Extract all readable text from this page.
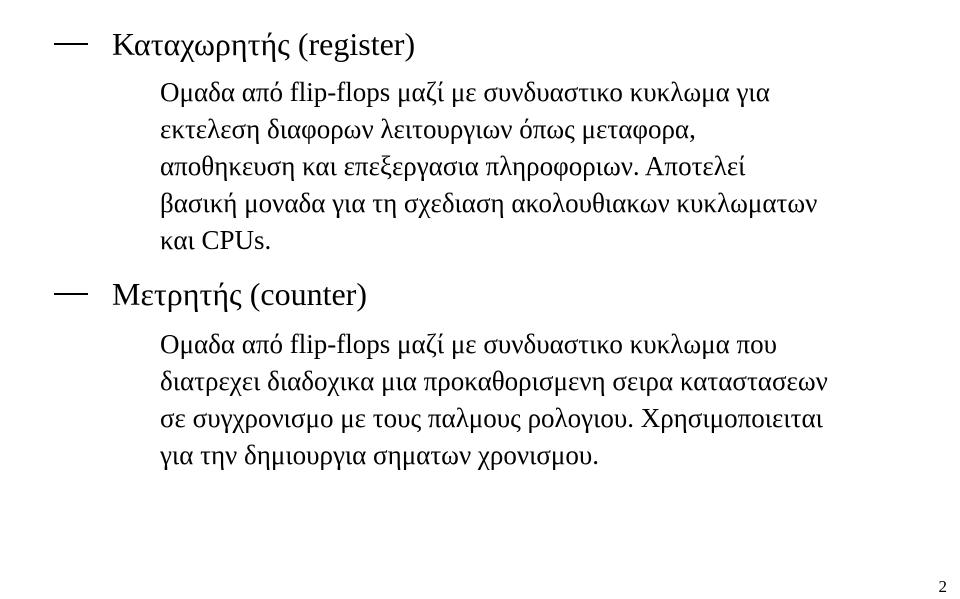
Καταχωρητής (register)
Ομαδα από flip-flops μαζί με συνδυαστικο κυκλωμα για
εκτελεση διαφορων λειτουργιων όπως μεταφορα,
αποθηκευση και επεξεργασια πληροφοριων. Αποτελεί
βασική μοναδα για τη σχεδιαση ακολουθιακων κυκλωματων
και CPUs.
Μετρητής (counter)
Ομαδα από flip-flops μαζί με συνδυαστικο κυκλωμα που
διατρεχει διαδοχικα μια προκαθορισμενη σειρα καταστασεων
σε συγχρονισμο με τους παλμους ρολογιου. Χρησιμοποιειται
για την δημιουργια σηματων χρονισμου.
2
